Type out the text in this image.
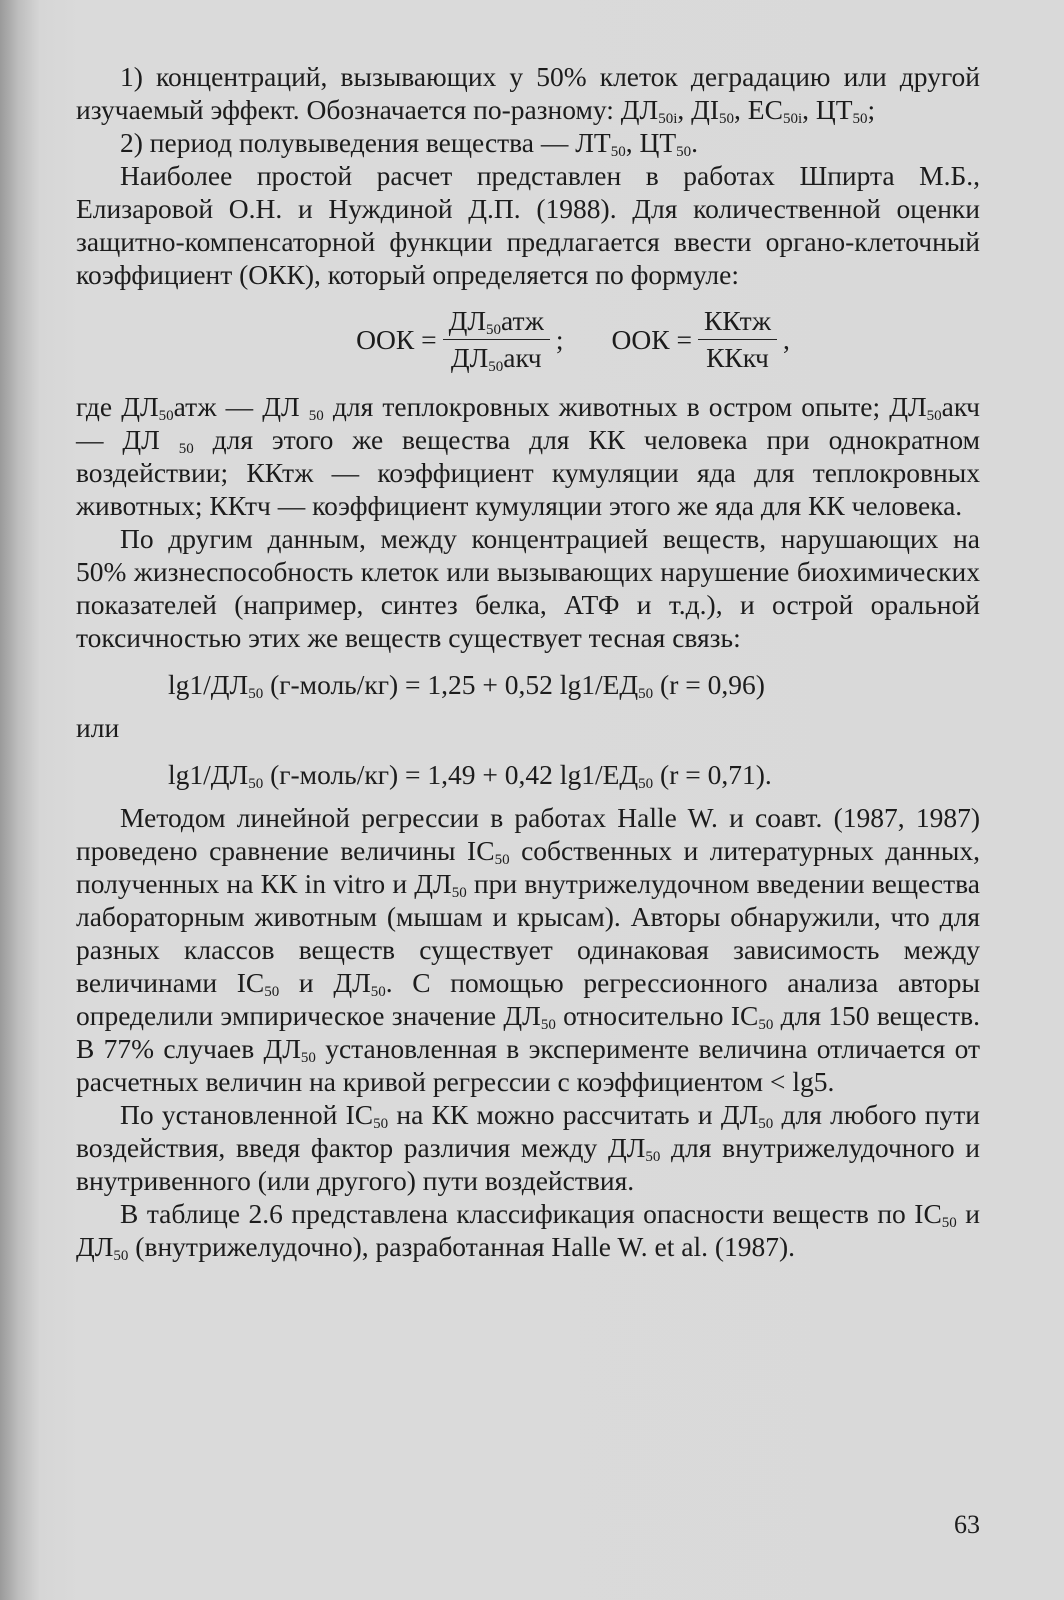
1) концентраций, вызывающих у 50% клеток деградацию или другой изучаемый эффект. Обозначается по-разному: $ДЛ_{50i}$, $ДІ_{50}$, $ЕС_{50i}$, $ЦТ_{50}$;

2) период полувыведения вещества — $ЛТ_{50}$, $ЦТ_{50}$.

Наиболее простой расчет представлен в работах Шпирта М.Б., Елизаровой О.Н. и Нуждиной Д.П. (1988). Для количественной оценки защитно-компенсаторной функции предлагается ввести органо-клеточный коэффициент (ОКК), который определяется по формуле:

ООК = $\frac{ДЛ_{50}атж}{ДЛ_{50}акч}$ ; ООК = $\frac{\text{ККтж}}{\text{ККкч}}$ ,

где $ДЛ_{50}атж$ — ДЛ $_{50}$ для теплокровных животных в остром опыте; $ДЛ_{50}акч$ — ДЛ $_{50}$ для этого же вещества для КК человека при однократном воздействии; ККтж — коэффициент кумуляции яда для теплокровных животных; ККтч — коэффициент кумуляции этого же яда для КК человека.

По другим данным, между концентрацией веществ, нарушающих на 50% жизнеспособность клеток или вызывающих нарушение биохимических показателей (например, синтез белка, АТФ и т.д.), и острой оральной токсичностью этих же веществ существует тесная связь:

$\lg 1/ДЛ_{50}$ (г-моль/кг) = 1,25 + 0,52 $\lg 1/ЕД_{50}$ (r = 0,96)
или
$\lg 1/ДЛ_{50}$ (г-моль/кг) = 1,49 + 0,42 $\lg 1/ЕД_{50}$ (r = 0,71).

Методом линейной регрессии в работах Halle W. и соавт. (1987, 1987) проведено сравнение величины $IC_{50}$ собственных и литературных данных, полученных на КК in vitro и $ДЛ_{50}$ при внутрижелудочном введении вещества лабораторным животным (мышам и крысам). Авторы обнаружили, что для разных классов веществ существует одинаковая зависимость между величинами $IC_{50}$ и $ДЛ_{50}$. С помощью регрессионного анализа авторы определили эмпирическое значение $ДЛ_{50}$ относительно $IC_{50}$ для 150 веществ. В 77% случаев $ДЛ_{50}$ установленная в эксперименте величина отличается от расчетных величин на кривой регрессии с коэффициентом < lg5.

По установленной $IC_{50}$ на КК можно рассчитать и $ДЛ_{50}$ для любого пути воздействия, введя фактор различия между $ДЛ_{50}$ для внутрижелудочного и внутривенного (или другого) пути воздействия.

В таблице 2.6 представлена классификация опасности веществ по $IC_{50}$ и $ДЛ_{50}$ (внутрижелудочно), разработанная Halle W. et al. (1987).

63
